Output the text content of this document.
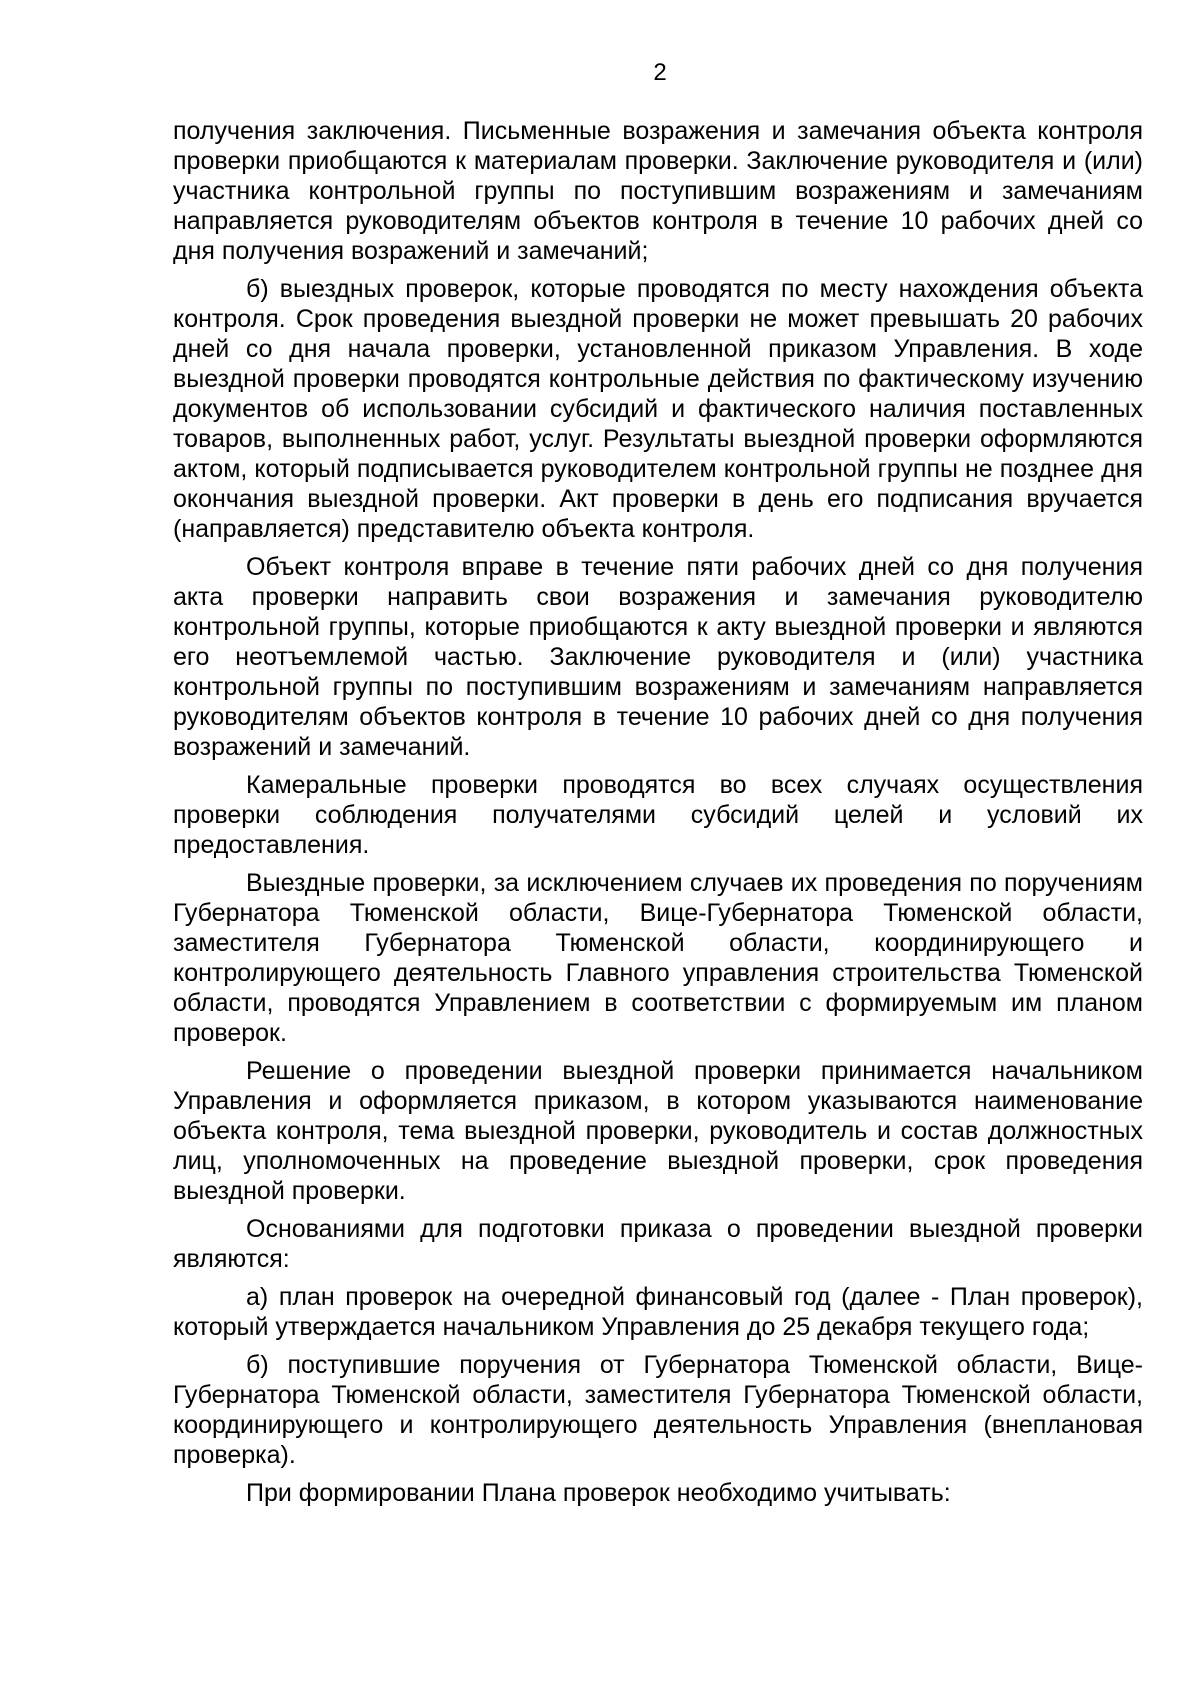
2

получения заключения. Письменные возражения и замечания объекта контроля проверки приобщаются к материалам проверки. Заключение руководителя и (или) участника контрольной группы по поступившим возражениям и замечаниям направляется руководителям объектов контроля в течение 10 рабочих дней со дня получения возражений и замечаний;

б) выездных проверок, которые проводятся по месту нахождения объекта контроля. Срок проведения выездной проверки не может превышать 20 рабочих дней со дня начала проверки, установленной приказом Управления. В ходе выездной проверки проводятся контрольные действия по фактическому изучению документов об использовании субсидий и фактического наличия поставленных товаров, выполненных работ, услуг. Результаты выездной проверки оформляются актом, который подписывается руководителем контрольной группы не позднее дня окончания выездной проверки. Акт проверки в день его подписания вручается (направляется) представителю объекта контроля.

Объект контроля вправе в течение пяти рабочих дней со дня получения акта проверки направить свои возражения и замечания руководителю контрольной группы, которые приобщаются к акту выездной проверки и являются его неотъемлемой частью. Заключение руководителя и (или) участника контрольной группы по поступившим возражениям и замечаниям направляется руководителям объектов контроля в течение 10 рабочих дней со дня получения возражений и замечаний.

Камеральные проверки проводятся во всех случаях осуществления проверки соблюдения получателями субсидий целей и условий их предоставления.

Выездные проверки, за исключением случаев их проведения по поручениям Губернатора Тюменской области, Вице-Губернатора Тюменской области, заместителя Губернатора Тюменской области, координирующего и контролирующего деятельность Главного управления строительства Тюменской области, проводятся Управлением в соответствии с формируемым им планом проверок.

Решение о проведении выездной проверки принимается начальником Управления и оформляется приказом, в котором указываются наименование объекта контроля, тема выездной проверки, руководитель и состав должностных лиц, уполномоченных на проведение выездной проверки, срок проведения выездной проверки.

Основаниями для подготовки приказа о проведении выездной проверки являются:

а) план проверок на очередной финансовый год (далее - План проверок), который утверждается начальником Управления до 25 декабря текущего года;

б) поступившие поручения от Губернатора Тюменской области, Вице-Губернатора Тюменской области, заместителя Губернатора Тюменской области, координирующего и контролирующего деятельность Управления (внеплановая проверка).

При формировании Плана проверок необходимо учитывать:
